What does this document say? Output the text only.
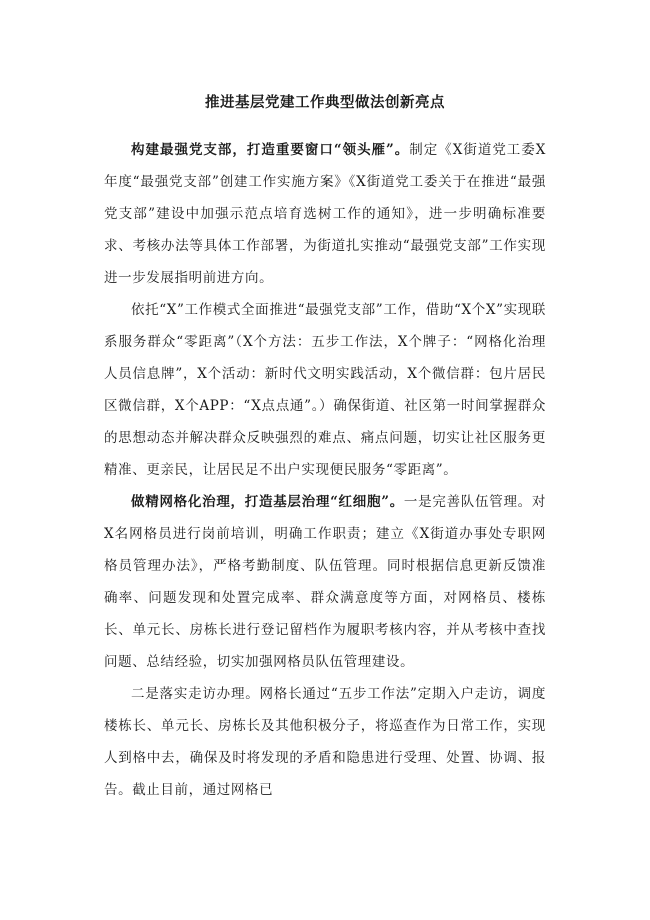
推进基层党建工作典型做法创新亮点

构建最强党支部，打造重要窗口“领头雁”。制定《X街道党工委X年度“最强党支部”创建工作实施方案》《X街道党工委关于在推进“最强党支部”建设中加强示范点培育选树工作的通知》，进一步明确标准要求、考核办法等具体工作部署，为街道扎实推动“最强党支部”工作实现进一步发展指明前进方向。

依托“X”工作模式全面推进“最强党支部”工作，借助“X个X”实现联系服务群众“零距离”（X个方法：五步工作法，X个牌子：“网格化治理人员信息牌”，X个活动：新时代文明实践活动，X个微信群：包片居民区微信群，X个APP：“X点点通”。）确保街道、社区第一时间掌握群众的思想动态并解决群众反映强烈的难点、痛点问题，切实让社区服务更精准、更亲民，让居民足不出户实现便民服务“零距离”。

做精网格化治理，打造基层治理“红细胞”。一是完善队伍管理。对X名网格员进行岗前培训，明确工作职责；建立《X街道办事处专职网格员管理办法》，严格考勤制度、队伍管理。同时根据信息更新反馈准确率、问题发现和处置完成率、群众满意度等方面，对网格员、楼栋长、单元长、房栋长进行登记留档作为履职考核内容，并从考核中查找问题、总结经验，切实加强网格员队伍管理建设。

二是落实走访办理。网格长通过“五步工作法”定期入户走访，调度楼栋长、单元长、房栋长及其他积极分子，将巡查作为日常工作，实现人到格中去，确保及时将发现的矛盾和隐患进行受理、处置、协调、报告。截止目前，通过网格已
